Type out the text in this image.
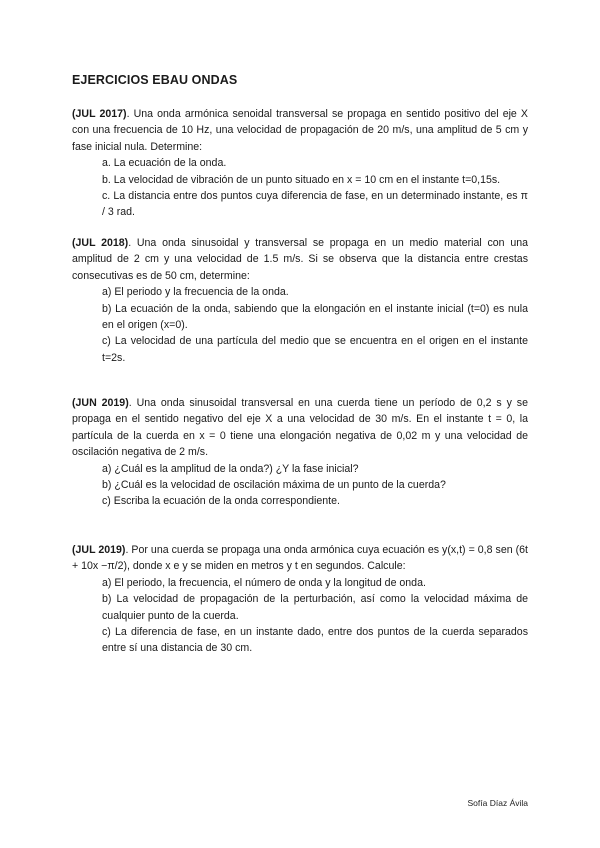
EJERCICIOS EBAU ONDAS

(JUL 2017). Una onda armónica senoidal transversal se propaga en sentido positivo del eje X con una frecuencia de 10 Hz, una velocidad de propagación de 20 m/s, una amplitud de 5 cm y fase inicial nula. Determine:

a. La ecuación de la onda.
b. La velocidad de vibración de un punto situado en x = 10 cm en el instante t=0,15s.
c. La distancia entre dos puntos cuya diferencia de fase, en un determinado instante, es π / 3 rad.

(JUL 2018). Una onda sinusoidal y transversal se propaga en un medio material con una amplitud de 2 cm y una velocidad de 1.5 m/s. Si se observa que la distancia entre crestas consecutivas es de 50 cm, determine:

a) El periodo y la frecuencia de la onda.
b) La ecuación de la onda, sabiendo que la elongación en el instante inicial (t=0) es nula en el origen (x=0).
c) La velocidad de una partícula del medio que se encuentra en el origen en el instante t=2s.

(JUN 2019). Una onda sinusoidal transversal en una cuerda tiene un período de 0,2 s y se propaga en el sentido negativo del eje X a una velocidad de 30 m/s. En el instante t = 0, la partícula de la cuerda en x = 0 tiene una elongación negativa de 0,02 m y una velocidad de oscilación negativa de 2 m/s.

a) ¿Cuál es la amplitud de la onda?) ¿Y la fase inicial?
b) ¿Cuál es la velocidad de oscilación máxima de un punto de la cuerda?
c) Escriba la ecuación de la onda correspondiente.

(JUL 2019). Por una cuerda se propaga una onda armónica cuya ecuación es y(x,t) = 0,8 sen (6t + 10x −π/2), donde x e y se miden en metros y t en segundos. Calcule:

a) El periodo, la frecuencia, el número de onda y la longitud de onda.
b) La velocidad de propagación de la perturbación, así como la velocidad máxima de cualquier punto de la cuerda.
c) La diferencia de fase, en un instante dado, entre dos puntos de la cuerda separados entre sí una distancia de 30 cm.
Sofía Díaz Ávila
